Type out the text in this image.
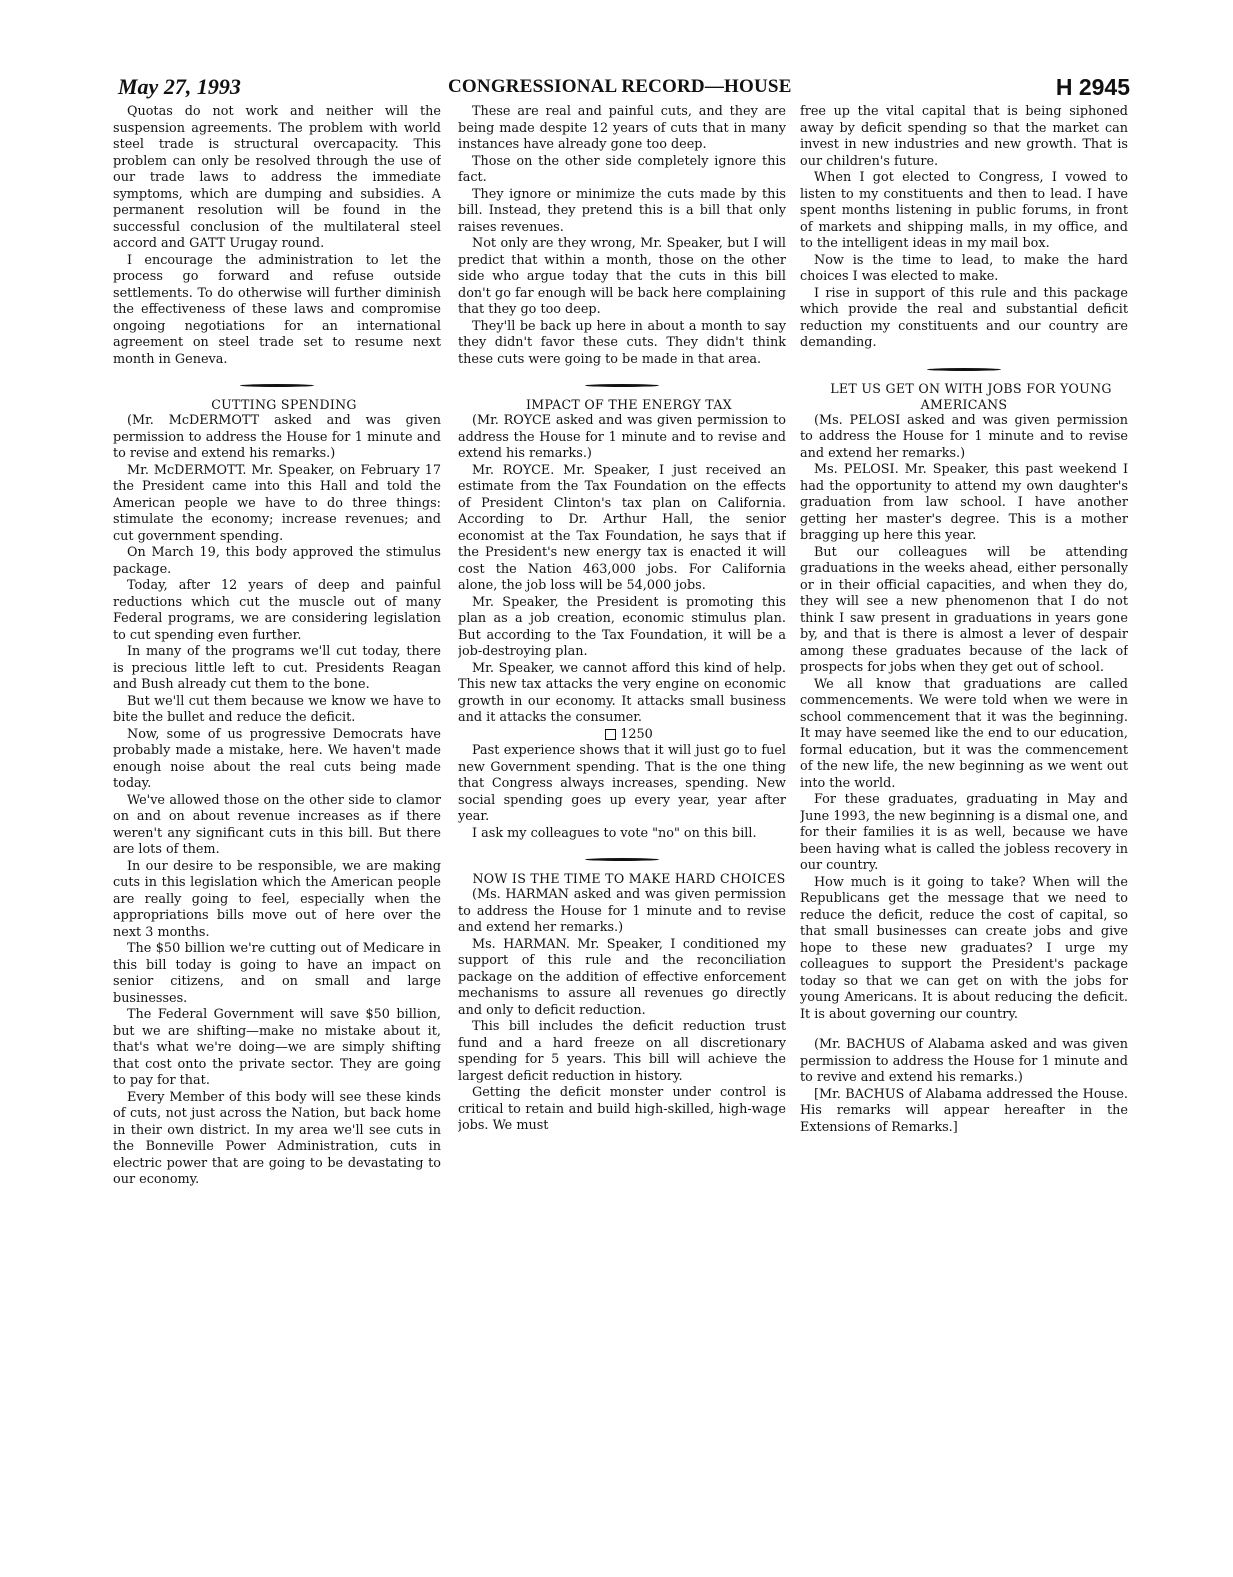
May 27, 1993	CONGRESSIONAL RECORD—HOUSE	H 2945

Quotas do not work and neither will the suspension agreements. The problem with world steel trade is structural overcapacity. This problem can only be resolved through the use of our trade laws to address the immediate symptoms, which are dumping and subsidies. A permanent resolution will be found in the successful conclusion of the multilateral steel accord and GATT Urugay round.

I encourage the administration to let the process go forward and refuse outside settlements. To do otherwise will further diminish the effectiveness of these laws and compromise ongoing negotiations for an international agreement on steel trade set to resume next month in Geneva.

CUTTING SPENDING

(Mr. McDERMOTT asked and was given permission to address the House for 1 minute and to revise and extend his remarks.)

Mr. McDERMOTT. Mr. Speaker, on February 17 the President came into this Hall and told the American people we have to do three things: stimulate the economy; increase revenues; and cut government spending.

On March 19, this body approved the stimulus package.

Today, after 12 years of deep and painful reductions which cut the muscle out of many Federal programs, we are considering legislation to cut spending even further.

In many of the programs we'll cut today, there is precious little left to cut. Presidents Reagan and Bush already cut them to the bone.

But we'll cut them because we know we have to bite the bullet and reduce the deficit.

Now, some of us progressive Democrats have probably made a mistake, here. We haven't made enough noise about the real cuts being made today.

We've allowed those on the other side to clamor on and on about revenue increases as if there weren't any significant cuts in this bill. But there are lots of them.

In our desire to be responsible, we are making cuts in this legislation which the American people are really going to feel, especially when the appropriations bills move out of here over the next 3 months.

The $50 billion we're cutting out of Medicare in this bill today is going to have an impact on senior citizens, and on small and large businesses.

The Federal Government will save $50 billion, but we are shifting—make no mistake about it, that's what we're doing—we are simply shifting that cost onto the private sector. They are going to pay for that.

Every Member of this body will see these kinds of cuts, not just across the Nation, but back home in their own district. In my area we'll see cuts in the Bonneville Power Administration, cuts in electric power that are going to be devastating to our economy.

These are real and painful cuts, and they are being made despite 12 years of cuts that in many instances have already gone too deep.

Those on the other side completely ignore this fact.

They ignore or minimize the cuts made by this bill. Instead, they pretend this is a bill that only raises revenues.

Not only are they wrong, Mr. Speaker, but I will predict that within a month, those on the other side who argue today that the cuts in this bill don't go far enough will be back here complaining that they go too deep.

They'll be back up here in about a month to say they didn't favor these cuts. They didn't think these cuts were going to be made in that area.

IMPACT OF THE ENERGY TAX

(Mr. ROYCE asked and was given permission to address the House for 1 minute and to revise and extend his remarks.)

Mr. ROYCE. Mr. Speaker, I just received an estimate from the Tax Foundation on the effects of President Clinton's tax plan on California. According to Dr. Arthur Hall, the senior economist at the Tax Foundation, he says that if the President's new energy tax is enacted it will cost the Nation 463,000 jobs. For California alone, the job loss will be 54,000 jobs.

Mr. Speaker, the President is promoting this plan as a job creation, economic stimulus plan. But according to the Tax Foundation, it will be a job-destroying plan.

Mr. Speaker, we cannot afford this kind of help. This new tax attacks the very engine on economic growth in our economy. It attacks small business and it attacks the consumer.

1250

Past experience shows that it will just go to fuel new Government spending. That is the one thing that Congress always increases, spending. New social spending goes up every year, year after year.

I ask my colleagues to vote "no" on this bill.

NOW IS THE TIME TO MAKE HARD CHOICES

(Ms. HARMAN asked and was given permission to address the House for 1 minute and to revise and extend her remarks.)

Ms. HARMAN. Mr. Speaker, I conditioned my support of this rule and the reconciliation package on the addition of effective enforcement mechanisms to assure all revenues go directly and only to deficit reduction.

This bill includes the deficit reduction trust fund and a hard freeze on all discretionary spending for 5 years. This bill will achieve the largest deficit reduction in history.

Getting the deficit monster under control is critical to retain and build high-skilled, high-wage jobs. We must

free up the vital capital that is being siphoned away by deficit spending so that the market can invest in new industries and new growth. That is our children's future.

When I got elected to Congress, I vowed to listen to my constituents and then to lead. I have spent months listening in public forums, in front of markets and shipping malls, in my office, and to the intelligent ideas in my mail box.

Now is the time to lead, to make the hard choices I was elected to make.

I rise in support of this rule and this package which provide the real and substantial deficit reduction my constituents and our country are demanding.

LET US GET ON WITH JOBS FOR YOUNG AMERICANS

(Ms. PELOSI asked and was given permission to address the House for 1 minute and to revise and extend her remarks.)

Ms. PELOSI. Mr. Speaker, this past weekend I had the opportunity to attend my own daughter's graduation from law school. I have another getting her master's degree. This is a mother bragging up here this year.

But our colleagues will be attending graduations in the weeks ahead, either personally or in their official capacities, and when they do, they will see a new phenomenon that I do not think I saw present in graduations in years gone by, and that is there is almost a lever of despair among these graduates because of the lack of prospects for jobs when they get out of school.

We all know that graduations are called commencements. We were told when we were in school commencement that it was the beginning. It may have seemed like the end to our education, formal education, but it was the commencement of the new life, the new beginning as we went out into the world.

For these graduates, graduating in May and June 1993, the new beginning is a dismal one, and for their families it is as well, because we have been having what is called the jobless recovery in our country.

How much is it going to take? When will the Republicans get the message that we need to reduce the deficit, reduce the cost of capital, so that small businesses can create jobs and give hope to these new graduates? I urge my colleagues to support the President's package today so that we can get on with the jobs for young Americans. It is about reducing the deficit. It is about governing our country.

(Mr. BACHUS of Alabama asked and was given permission to address the House for 1 minute and to revive and extend his remarks.)

[Mr. BACHUS of Alabama addressed the House. His remarks will appear hereafter in the Extensions of Remarks.]
